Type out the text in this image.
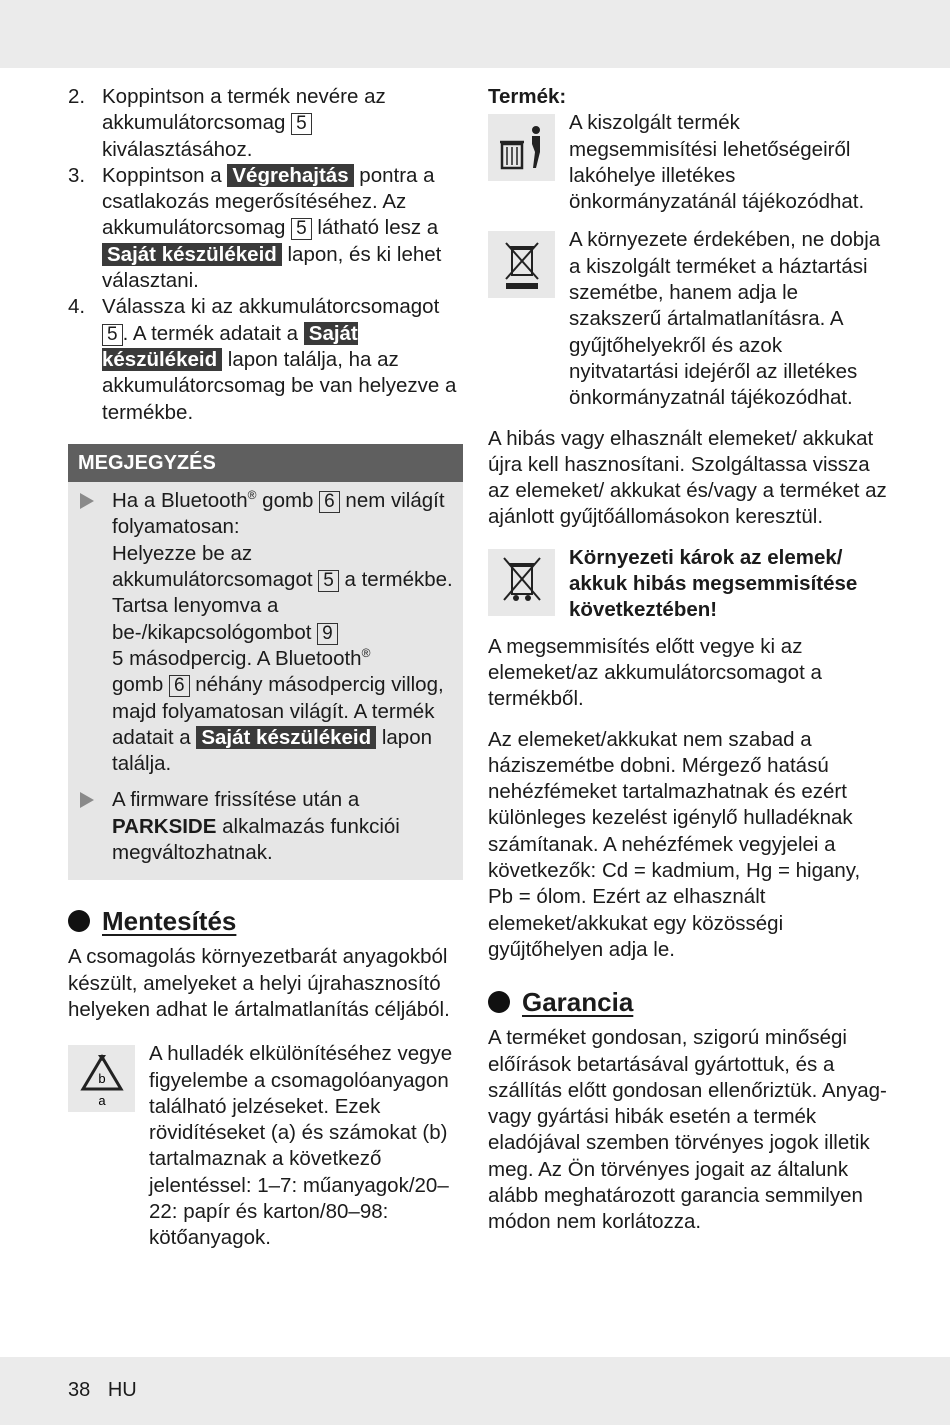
2. Koppintson a termék nevére az akkumulátorcsomag 5 kiválasztásához.
3. Koppintson a Végrehajtás pontra a csatlakozás megerősítéséhez. Az akkumulátorcsomag 5 látható lesz a Saját készülékeid lapon, és ki lehet választani.
4. Válassza ki az akkumulátorcsomagot 5 . A termék adatait a Saját készülékeid lapon találja, ha az akkumulátorcsomag be van helyezve a termékbe.
MEGJEGYZÉS
Ha a Bluetooth® gomb 6 nem világít folyamatosan:
Helyezze be az akkumulátorcsomagot 5 a termékbe.
Tartsa lenyomva a be-/kikapcsológombot 9
5 másodpercig. A Bluetooth®
gomb 6 néhány másodpercig villog, majd folyamatosan világít. A termék adatait a Saját készülékeid lapon találja.
A firmware frissítése után a PARKSIDE alkalmazás funkciói megváltozhatnak.
Mentesítés

A csomagolás környezetbarát anyagokból készült, amelyeket a helyi újrahasznosító helyeken adhat le ártalmatlanítás céljából.

b
a

A hulladék elkülönítéséhez vegye figyelembe a csomagolóanyagon található jelzéseket. Ezek rövidítéseket (a) és számokat (b) tartalmaznak a következő jelentéssel: 1–7: műanyagok/20–22: papír és karton/80–98: kötőanyagok.

Termék:

A kiszolgált termék megsemmisítési lehetőségeiről lakóhelye illetékes önkormányzatánál tájékozódhat.

A környezete érdekében, ne dobja a kiszolgált terméket a háztartási szemétbe, hanem adja le szakszerű ártalmatlanításra. A gyűjtőhelyekről és azok nyitvatartási idejéről az illetékes önkormányzatnál tájékozódhat.

A hibás vagy elhasznált elemeket/ akkukat újra kell hasznosítani. Szolgáltassa vissza az elemeket/ akkukat és/vagy a terméket az ajánlott gyűjtőállomásokon keresztül.

Környezeti károk az elemek/ akkuk hibás megsemmisítése következtében!

A megsemmisítés előtt vegye ki az elemeket/az akkumulátorcsomagot a termékből.

Az elemeket/akkukat nem szabad a háziszemétbe dobni. Mérgező hatású nehézfémeket tartalmazhatnak és ezért különleges kezelést igénylő hulladéknak számítanak. A nehézfémek vegyjelei a következők: Cd = kadmium, Hg = higany, Pb = ólom. Ezért az elhasznált elemeket/akkukat egy közösségi gyűjtőhelyen adja le.

Garancia

A terméket gondosan, szigorú minőségi előírások betartásával gyártottuk, és a szállítás előtt gondosan ellenőriztük. Anyag- vagy gyártási hibák esetén a termék eladójával szemben törvényes jogok illetik meg. Az Ön törvényes jogait az általunk alább meghatározott garancia semmilyen módon nem korlátozza.

38 HU
